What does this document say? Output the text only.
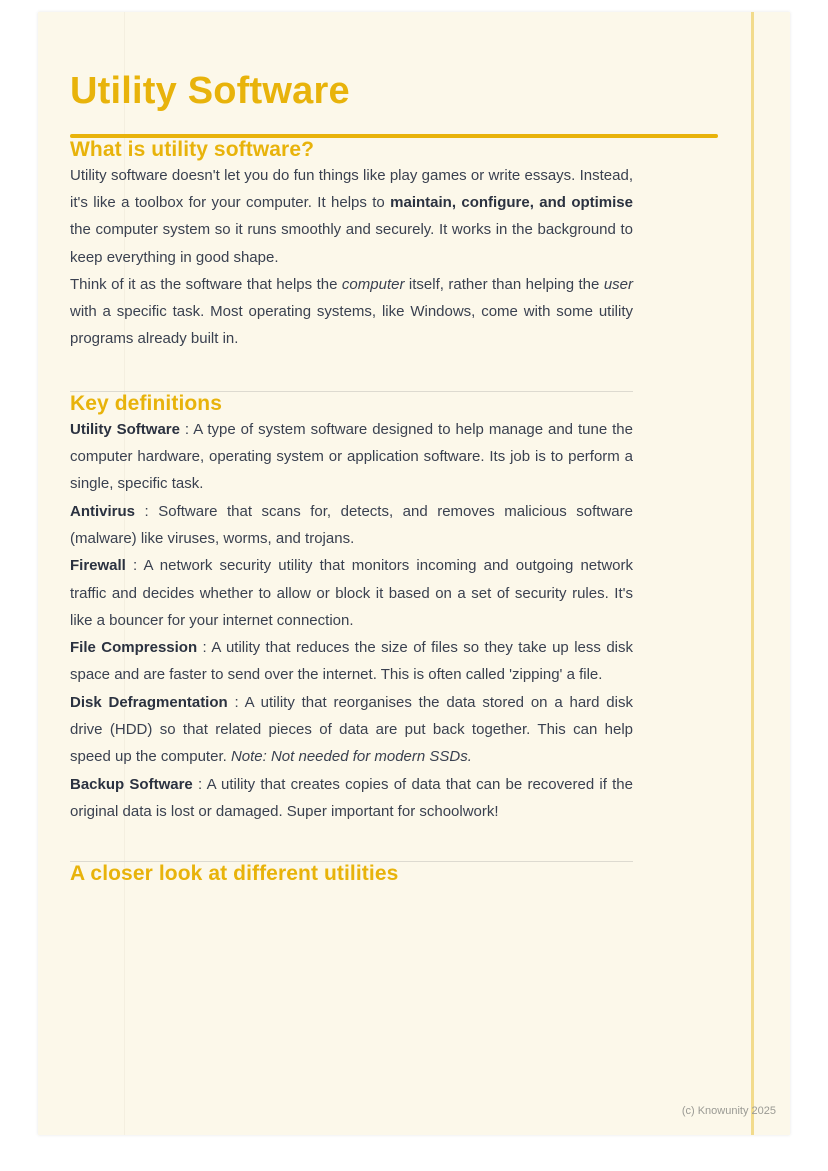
Utility Software
What is utility software?

Utility software doesn't let you do fun things like play games or write essays. Instead, it's like a toolbox for your computer. It helps to maintain, configure, and optimise the computer system so it runs smoothly and securely. It works in the background to keep everything in good shape.

Think of it as the software that helps the computer itself, rather than helping the user with a specific task. Most operating systems, like Windows, come with some utility programs already built in.

Key definitions

Utility Software : A type of system software designed to help manage and tune the computer hardware, operating system or application software. Its job is to perform a single, specific task.

Antivirus : Software that scans for, detects, and removes malicious software (malware) like viruses, worms, and trojans.

Firewall : A network security utility that monitors incoming and outgoing network traffic and decides whether to allow or block it based on a set of security rules. It's like a bouncer for your internet connection.

File Compression : A utility that reduces the size of files so they take up less disk space and are faster to send over the internet. This is often called 'zipping' a file.

Disk Defragmentation : A utility that reorganises the data stored on a hard disk drive (HDD) so that related pieces of data are put back together. This can help speed up the computer. Note: Not needed for modern SSDs.

Backup Software : A utility that creates copies of data that can be recovered if the original data is lost or damaged. Super important for schoolwork!

A closer look at different utilities
(c) Knowunity 2025
